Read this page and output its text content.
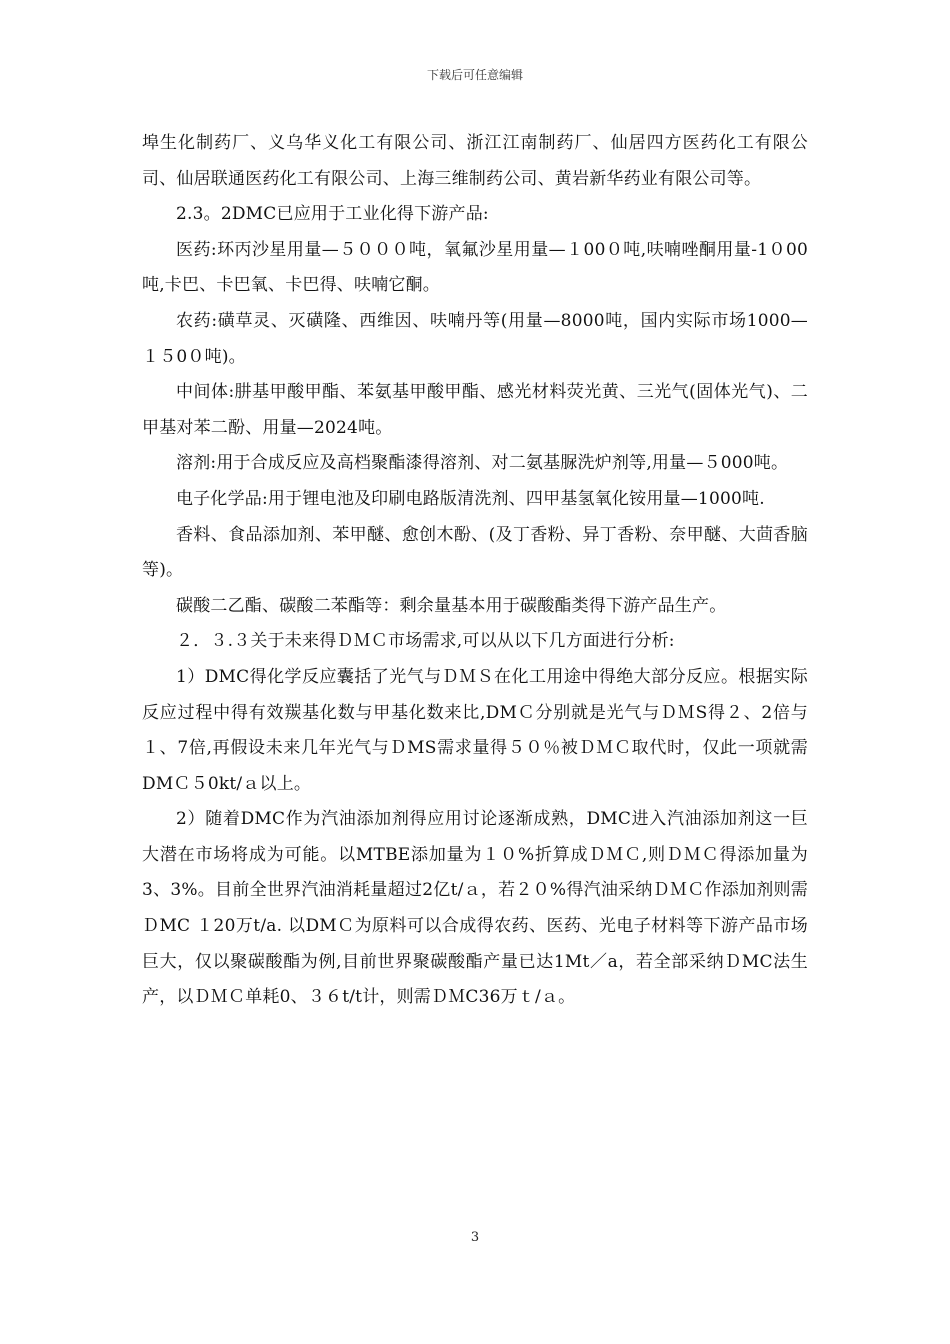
下载后可任意编辑

埠生化制药厂、义乌华义化工有限公司、浙江江南制药厂、仙居四方医药化工有限公司、仙居联通医药化工有限公司、上海三维制药公司、黄岩新华药业有限公司等。

2.3。2DMC已应用于工业化得下游产品:

医药:环丙沙星用量—５０００吨，氧氟沙星用量—１00０吨,呋喃唑酮用量-1０00吨,卡巴、卡巴氧、卡巴得、呋喃它酮。

农药:磺草灵、灭磺隆、西维因、呋喃丹等(用量—8000吨，国内实际市场1000—１５0０吨)。

中间体:肼基甲酸甲酯、苯氨基甲酸甲酯、感光材料荧光黄、三光气(固体光气)、二甲基对苯二酚、用量—2024吨。

溶剂:用于合成反应及高档聚酯漆得溶剂、对二氨基脲洗炉剂等,用量—５000吨。

电子化学品:用于锂电池及印刷电路版清洗剂、四甲基氢氧化铵用量—1000吨.

香料、食品添加剂、苯甲醚、愈创木酚、(及丁香粉、异丁香粉、奈甲醚、大茴香脑等)。

碳酸二乙酯、碳酸二苯酯等：剩余量基本用于碳酸酯类得下游产品生产。

２．３.３关于未来得ＤＭＣ市场需求,可以从以下几方面进行分析:

1）DMC得化学反应囊括了光气与ＤＭＳ在化工用途中得绝大部分反应。根据实际反应过程中得有效羰基化数与甲基化数来比,DMＣ分别就是光气与ＤＭS得２、2倍与１、7倍,再假设未来几年光气与ＤMS需求量得５０％被ＤＭＣ取代时，仅此一项就需DMＣ５0kt/ａ以上。

2）随着DMC作为汽油添加剂得应用讨论逐渐成熟，DMC进入汽油添加剂这一巨大潜在市场将成为可能。以MTBE添加量为１０%折算成ＤＭＣ,则ＤＭＣ得添加量为3、3%。目前全世界汽油消耗量超过2亿t/ａ，若２０%得汽油采纳ＤＭＣ作添加剂则需ＤMC １20万t/a. 以DMＣ为原料可以合成得农药、医药、光电子材料等下游产品市场巨大，仅以聚碳酸酯为例,目前世界聚碳酸酯产量已达1Mt／a，若全部采纳ＤMC法生产，以ＤＭＣ单耗0、３６t/t计，则需ＤＭC36万ｔ/ａ。

3
